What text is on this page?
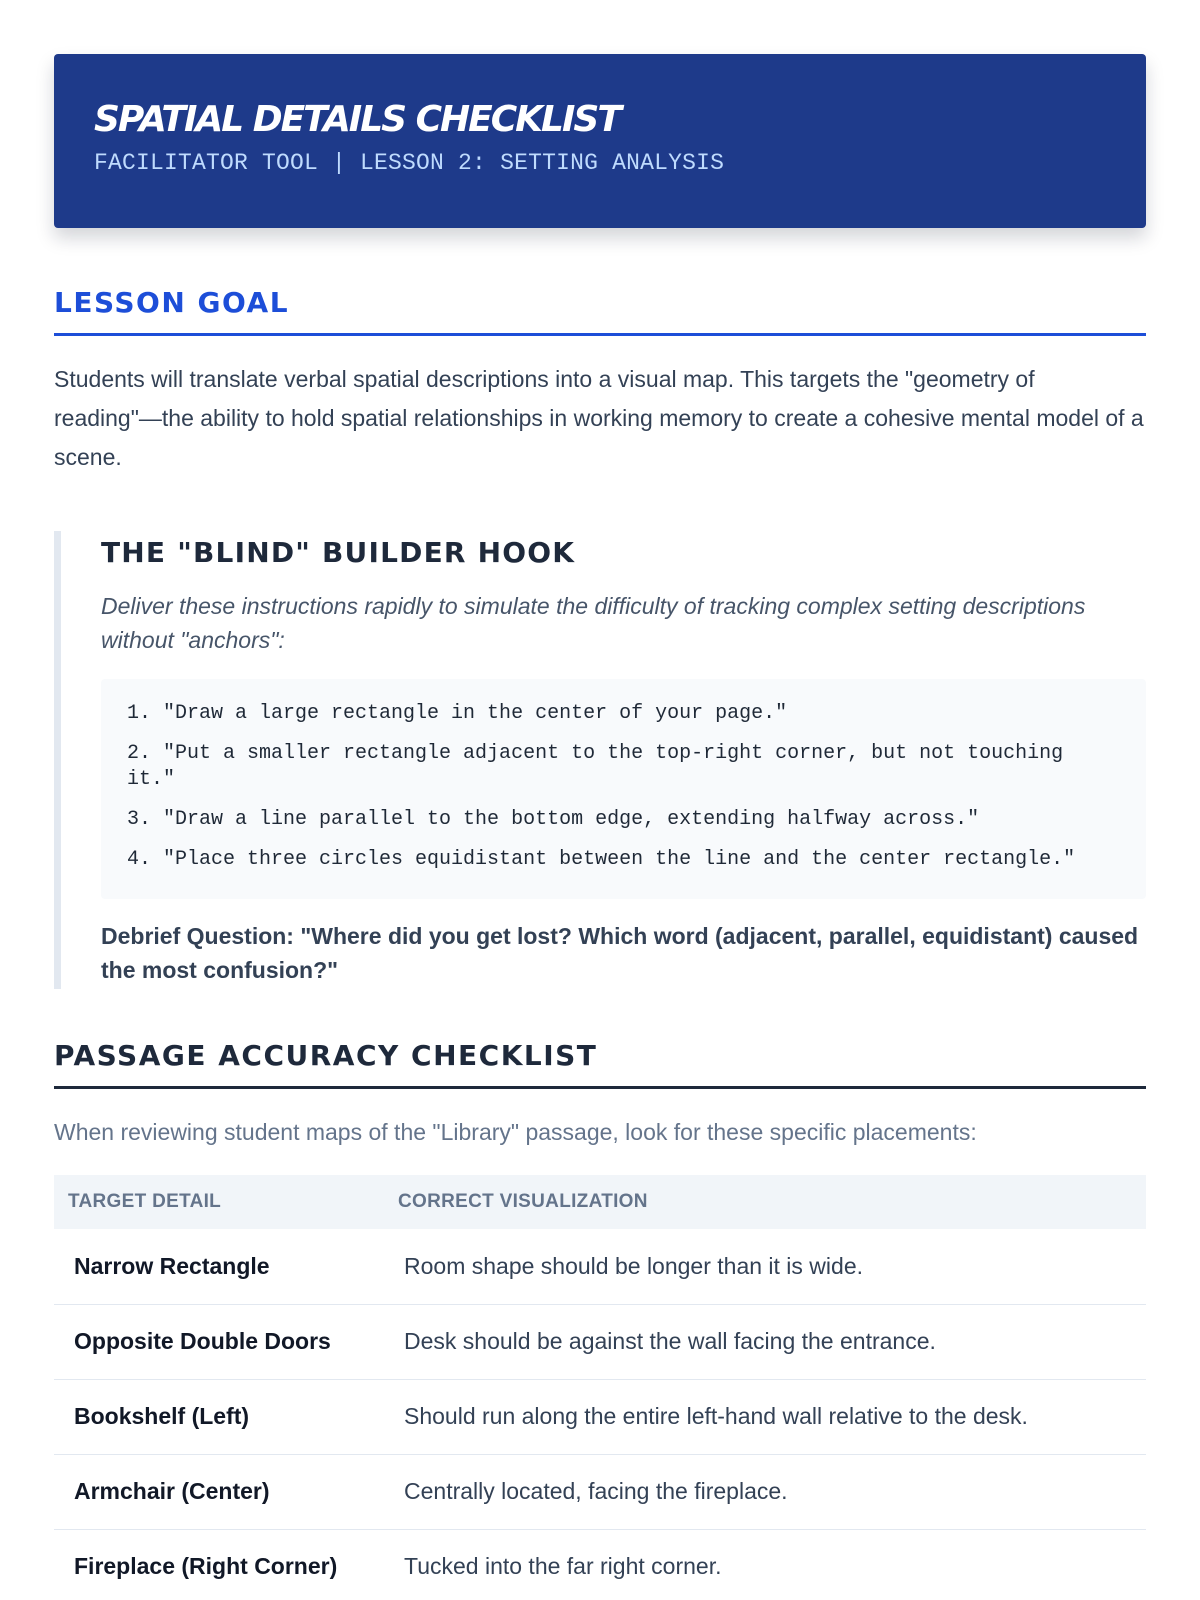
SPATIAL DETAILS CHECKLIST
FACILITATOR TOOL | LESSON 2: SETTING ANALYSIS
LESSON GOAL

Students will translate verbal spatial descriptions into a visual map. This targets the "geometry of reading"—the ability to hold spatial relationships in working memory to create a cohesive mental model of a scene.

THE "BLIND" BUILDER HOOK

Deliver these instructions rapidly to simulate the difficulty of tracking complex setting descriptions without "anchors":

1. "Draw a large rectangle in the center of your page."
2. "Put a smaller rectangle adjacent to the top-right corner, but not touching it."
3. "Draw a line parallel to the bottom edge, extending halfway across."
4. "Place three circles equidistant between the line and the center rectangle."

Debrief Question: "Where did you get lost? Which word (adjacent, parallel, equidistant) caused the most confusion?"

PASSAGE ACCURACY CHECKLIST

When reviewing student maps of the "Library" passage, look for these specific placements:

TARGET DETAIL	CORRECT VISUALIZATION
Narrow Rectangle	Room shape should be longer than it is wide.
Opposite Double Doors	Desk should be against the wall facing the entrance.
Bookshelf (Left)	Should run along the entire left-hand wall relative to the desk.
Armchair (Center)	Centrally located, facing the fireplace.
Fireplace (Right Corner)	Tucked into the far right corner.
